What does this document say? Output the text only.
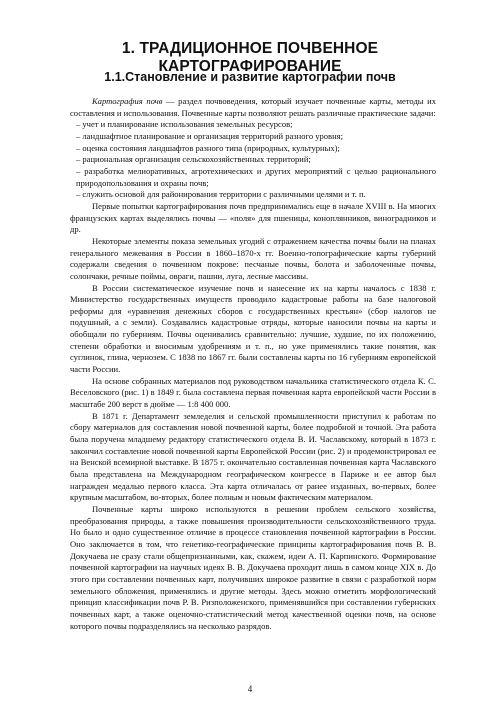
1. ТРАДИЦИОННОЕ ПОЧВЕННОЕ КАРТОГРАФИРОВАНИЕ
1.1.Становление и развитие картографии почв

Картография почв — раздел почвоведения, который изучает почвенные карты, методы их составления и использования. Почвенные карты позволяют решать различные практические задачи:

– учет и планирование использования земельных ресурсов;
– ландшафтное планирование и организация территорий разного уровня;
– оценка состояния ландшафтов разного типа (природных, культурных);
– рациональная организация сельскохозяйственных территорий;
– разработка мелиоративных, агротехнических и других мероприятий с целью рационального природопользования и охраны почв;
– служить основой для районирования территории с различными целями и т. п.

Первые попытки картографирования почв предпринимались еще в начале XVIII в. На многих французских картах выделялись почвы — «поля» для пшеницы, коноплянников, виноградников и др.

Некоторые элементы показа земельных угодий с отражением качества почвы были на планах генерального межевания в России в 1860–1870-х гг. Военно-топографические карты губерний содержали сведения о почвенном покрове: песчаные почвы, болота и заболоченные почвы, солончаки, речные поймы, овраги, пашни, луга, лесные массивы.

В России систематическое изучение почв и нанесение их на карты началось с 1838 г. Министерство государственных имуществ проводило кадастровые работы на базе налоговой реформы для «уравнения денежных сборов с государственных крестьян» (сбор налогов не подушный, а с земли). Создавались кадастровые отряды, которые наносили почвы на карты и обобщали по губерниям. Почвы оценивались сравнительно: лучшие, худшие, по их положению, степени обработки и вносимым удобрениям и т. п., но уже применялись такие понятия, как суглинок, глина, чернозем. С 1838 по 1867 гг. были составлены карты по 16 губерниям европейской части России.

На основе собранных материалов под руководством начальника статистического отдела К. С. Веселовского (рис. 1) в 1849 г. была составлена первая почвенная карта европейской части России в масштабе 200 верст в дюйме — 1:8 400 000.

В 1871 г. Департамент земледелия и сельской промышленности приступил к работам по сбору материалов для составления новой почвенной карты, более подробной и точной. Эта работа была поручена младшему редактору статистического отдела В. И. Чаславскому, который в 1873 г. закончил составление новой почвенной карты Европейской России (рис. 2) и продемонстрировал ее на Венской всемирной выставке. В 1875 г. окончательно составленная почвенная карта Чаславского была представлена на Международном географическом конгрессе в Париже и ее автор был награжден медалью первого класса. Эта карта отличалась от ранее изданных, во-первых, более крупным масштабом, во-вторых, более полным и новым фактическим материалом.

Почвенные карты широко используются в решении проблем сельского хозяйства, преобразования природы, а также повышения производительности сельскохозяйственного труда. Но было и одно существенное отличие в процессе становления почвенной картографии в России. Оно заключается в том, что генетико-географические принципы картографирования почв В. В. Докучаева не сразу стали общепризнанными, как, скажем, идеи А. П. Карпинского. Формирование почвенной картографии на научных идеях В. В. Докучаева проходит лишь в самом конце XIX в. До этого при составлении почвенных карт, получивших широкое развитие в связи с разработкой норм земельного обложения, применялись и другие методы. Здесь можно отметить морфологический принцип классификации почв Р. В. Ризположенского, применявшийся при составлении губернских почвенных карт, а также оценочно-статистический метод качественной оценки почв, на основе которого почвы подразделялись на несколько разрядов.

4
